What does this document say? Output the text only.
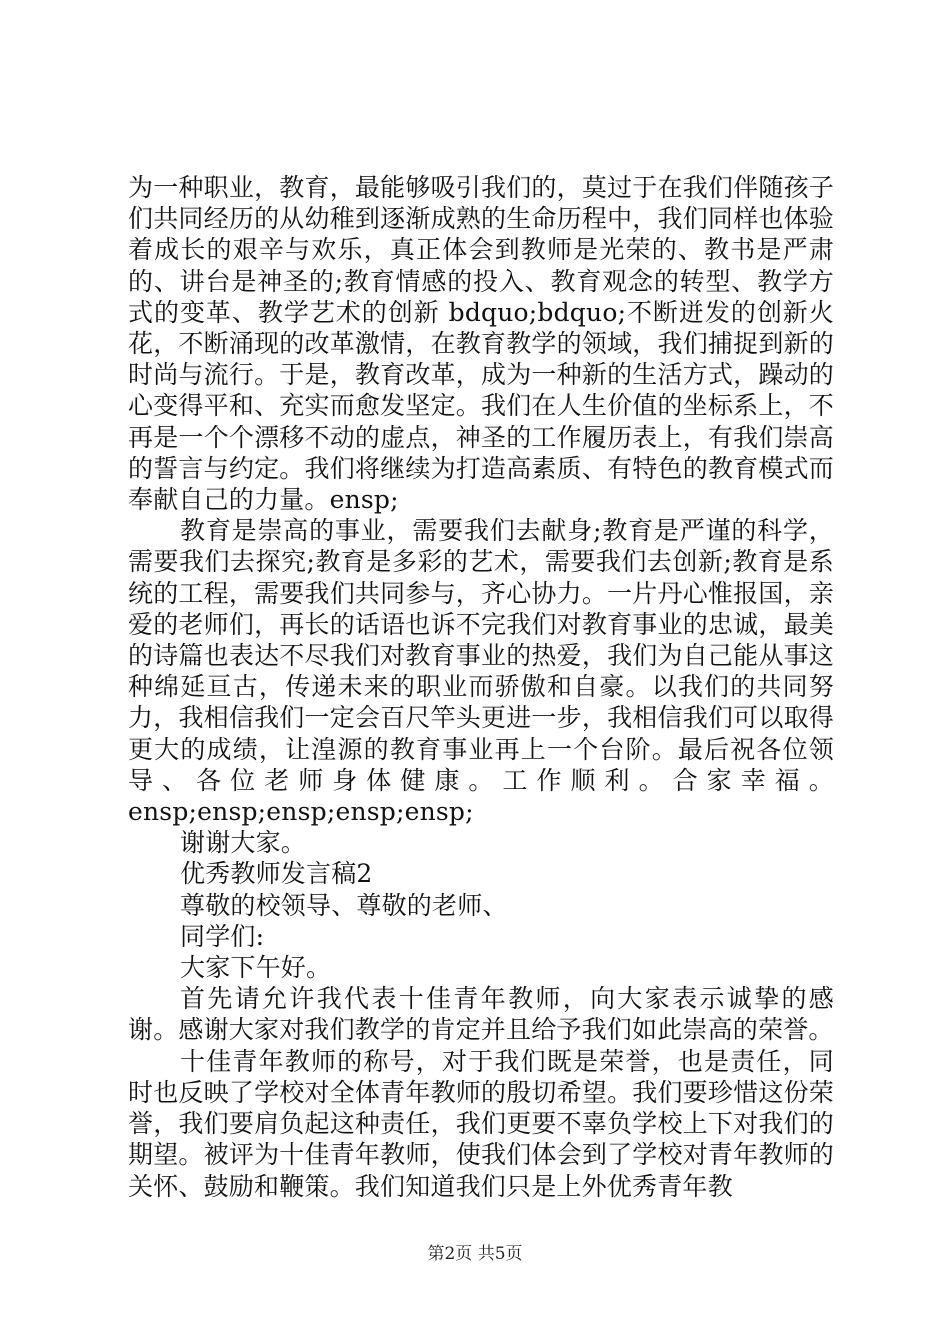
为一种职业，教育，最能够吸引我们的，莫过于在我们伴随孩子们共同经历的从幼稚到逐渐成熟的生命历程中，我们同样也体验着成长的艰辛与欢乐，真正体会到教师是光荣的、教书是严肃的、讲台是神圣的;教育情感的投入、教育观念的转型、教学方式的变革、教学艺术的创新 bdquo;bdquo;不断迸发的创新火花，不断涌现的改革激情，在教育教学的领域，我们捕捉到新的时尚与流行。于是，教育改革，成为一种新的生活方式，躁动的心变得平和、充实而愈发坚定。我们在人生价值的坐标系上，不再是一个个漂移不动的虚点，神圣的工作履历表上，有我们崇高的誓言与约定。我们将继续为打造高素质、有特色的教育模式而奉献自己的力量。ensp;

教育是崇高的事业，需要我们去献身;教育是严谨的科学，需要我们去探究;教育是多彩的艺术，需要我们去创新;教育是系统的工程，需要我们共同参与，齐心协力。一片丹心惟报国，亲爱的老师们，再长的话语也诉不完我们对教育事业的忠诚，最美的诗篇也表达不尽我们对教育事业的热爱，我们为自己能从事这种绵延亘古，传递未来的职业而骄傲和自豪。以我们的共同努力，我相信我们一定会百尺竿头更进一步，我相信我们可以取得更大的成绩，让湟源的教育事业再上一个台阶。最后祝各位领导、各位老师身体健康。工作顺利。合家幸福。ensp;ensp;ensp;ensp;ensp;

谢谢大家。

优秀教师发言稿2

尊敬的校领导、尊敬的老师、

同学们:

大家下午好。

首先请允许我代表十佳青年教师，向大家表示诚挚的感谢。感谢大家对我们教学的肯定并且给予我们如此崇高的荣誉。

十佳青年教师的称号，对于我们既是荣誉，也是责任，同时也反映了学校对全体青年教师的殷切希望。我们要珍惜这份荣誉，我们要肩负起这种责任，我们更要不辜负学校上下对我们的期望。被评为十佳青年教师，使我们体会到了学校对青年教师的关怀、鼓励和鞭策。我们知道我们只是上外优秀青年教

第2页 共5页
